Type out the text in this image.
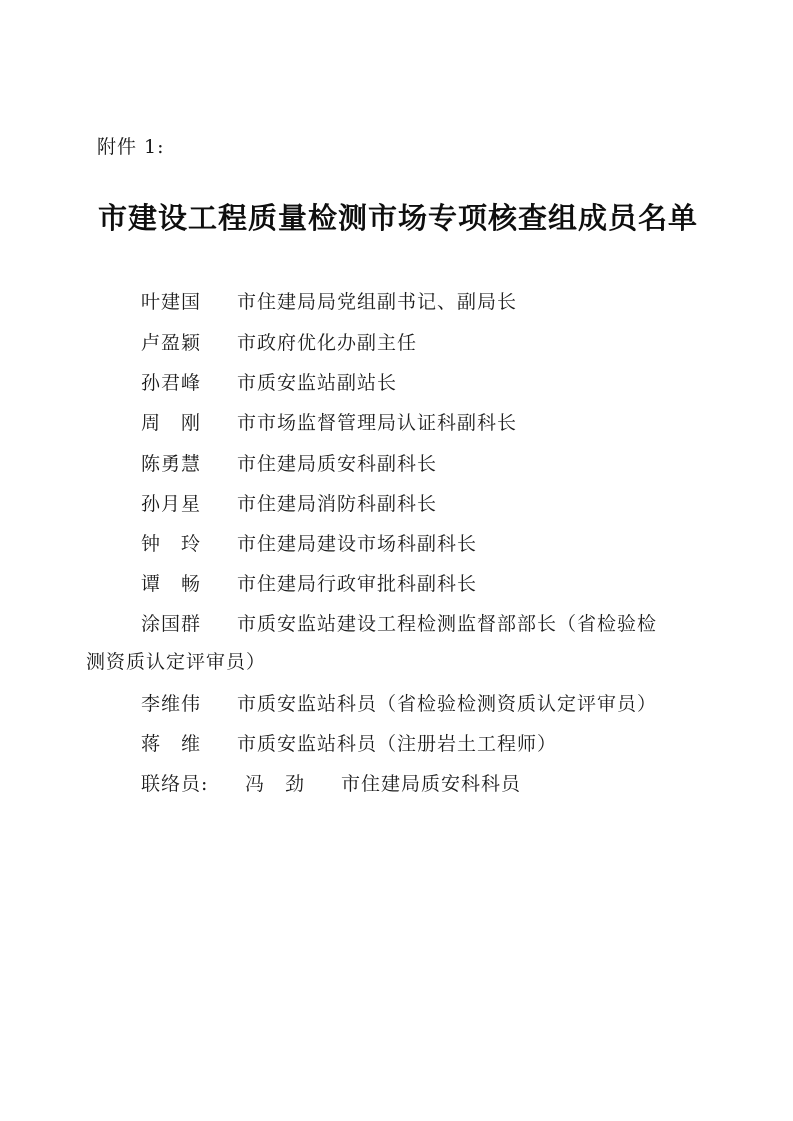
附件 1:
市建设工程质量检测市场专项核查组成员名单
叶建国 市住建局局党组副书记、副局长
卢盈颖 市政府优化办副主任
孙君峰 市质安监站副站长
周　刚 市市场监督管理局认证科副科长
陈勇慧 市住建局质安科副科长
孙月星 市住建局消防科副科长
钟　玲 市住建局建设市场科副科长
谭　畅 市住建局行政审批科副科长
涂国群 市质安监站建设工程检测监督部部长（省检验检
测资质认定评审员）
李维伟 市质安监站科员（省检验检测资质认定评审员）
蒋　维 市质安监站科员（注册岩土工程师）
联络员: 冯　劲 市住建局质安科科员
